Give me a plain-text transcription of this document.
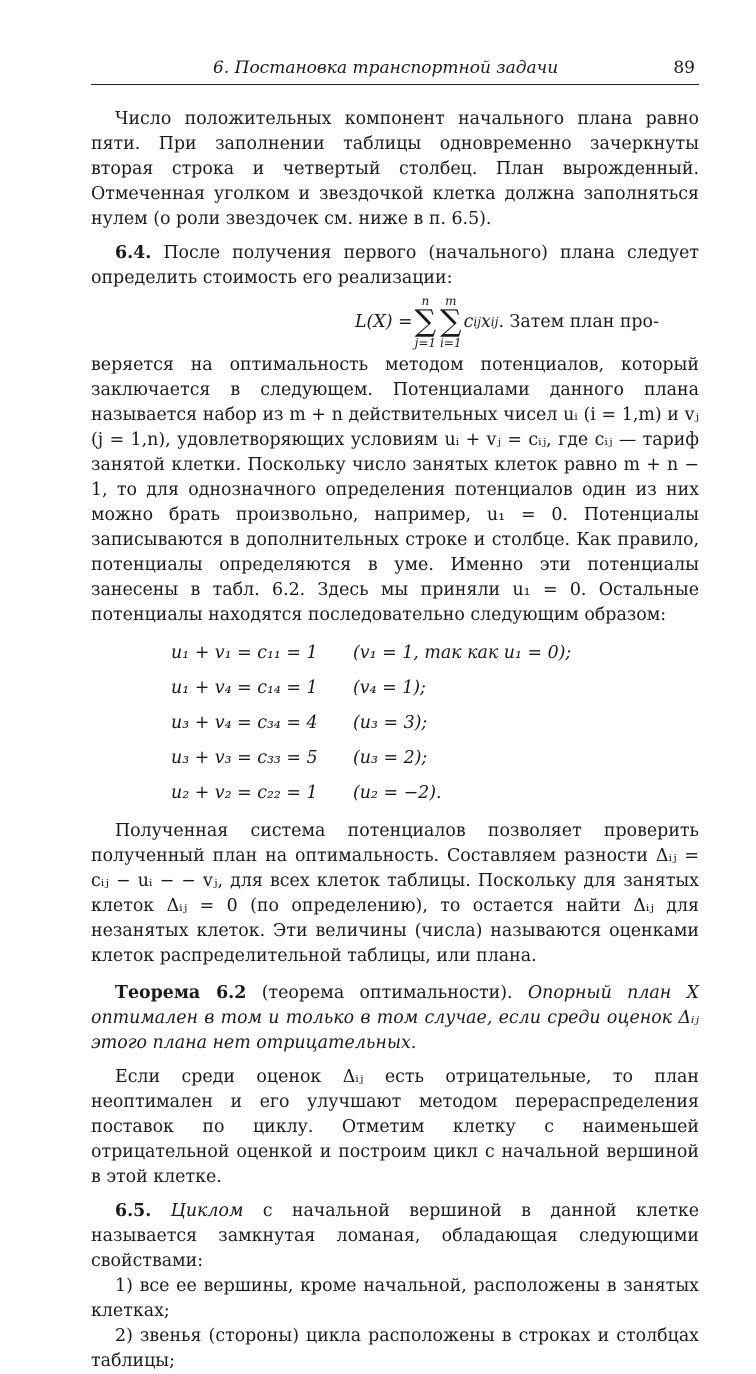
6. Постановка транспортной задачи	89

Число положительных компонент начального плана равно пяти. При заполнении таблицы одновременно зачеркнуты вторая строка и четвертый столбец. План вырожденный. Отмеченная уголком и звездочкой клетка должна заполняться нулем (о роли звездочек см. ниже в п. 6.5).

6.4. После получения первого (начального) плана следует определить стоимость его реализации:

L(X) =
n
∑
j=1
m
∑
i=1
c ij x ij . Затем план про-

веряется на оптимальность методом потенциалов, который заключается в следующем. Потенциалами данного плана называется набор из m + n действительных чисел uᵢ (i = 1,m) и vⱼ (j = 1,n), удовлетворяющих условиям uᵢ + vⱼ = cᵢⱼ, где cᵢⱼ — тариф занятой клетки. Поскольку число занятых клеток равно m + n − 1, то для однозначного определения потенциалов один из них можно брать произвольно, например, u₁ = 0. Потенциалы записываются в дополнительных строке и столбце. Как правило, потенциалы определяются в уме. Именно эти потенциалы занесены в табл. 6.2. Здесь мы приняли u₁ = 0. Остальные потенциалы находятся последовательно следующим образом:

u₁ + v₁ = c₁₁ = 1	(v₁ = 1, так как u₁ = 0);
u₁ + v₄ = c₁₄ = 1	(v₄ = 1);
u₃ + v₄ = c₃₄ = 4	(u₃ = 3);
u₃ + v₃ = c₃₃ = 5	(u₃ = 2);
u₂ + v₂ = c₂₂ = 1	(u₂ = −2).

Полученная система потенциалов позволяет проверить полученный план на оптимальность. Составляем разности Δᵢⱼ = cᵢⱼ − uᵢ − − vⱼ, для всех клеток таблицы. Поскольку для занятых клеток Δᵢⱼ = 0 (по определению), то остается найти Δᵢⱼ для незанятых клеток. Эти величины (числа) называются оценками клеток распределительной таблицы, или плана.

Теорема 6.2 (теорема оптимальности). Опорный план X оптимален в том и только в том случае, если среди оценок Δᵢⱼ этого плана нет отрицательных.

Если среди оценок Δᵢⱼ есть отрицательные, то план неоптимален и его улучшают методом перераспределения поставок по циклу. Отметим клетку с наименьшей отрицательной оценкой и построим цикл с начальной вершиной в этой клетке.

6.5. Циклом с начальной вершиной в данной клетке называется замкнутая ломаная, обладающая следующими свойствами:

1) все ее вершины, кроме начальной, расположены в занятых клетках;

2) звенья (стороны) цикла расположены в строках и столбцах таблицы;
